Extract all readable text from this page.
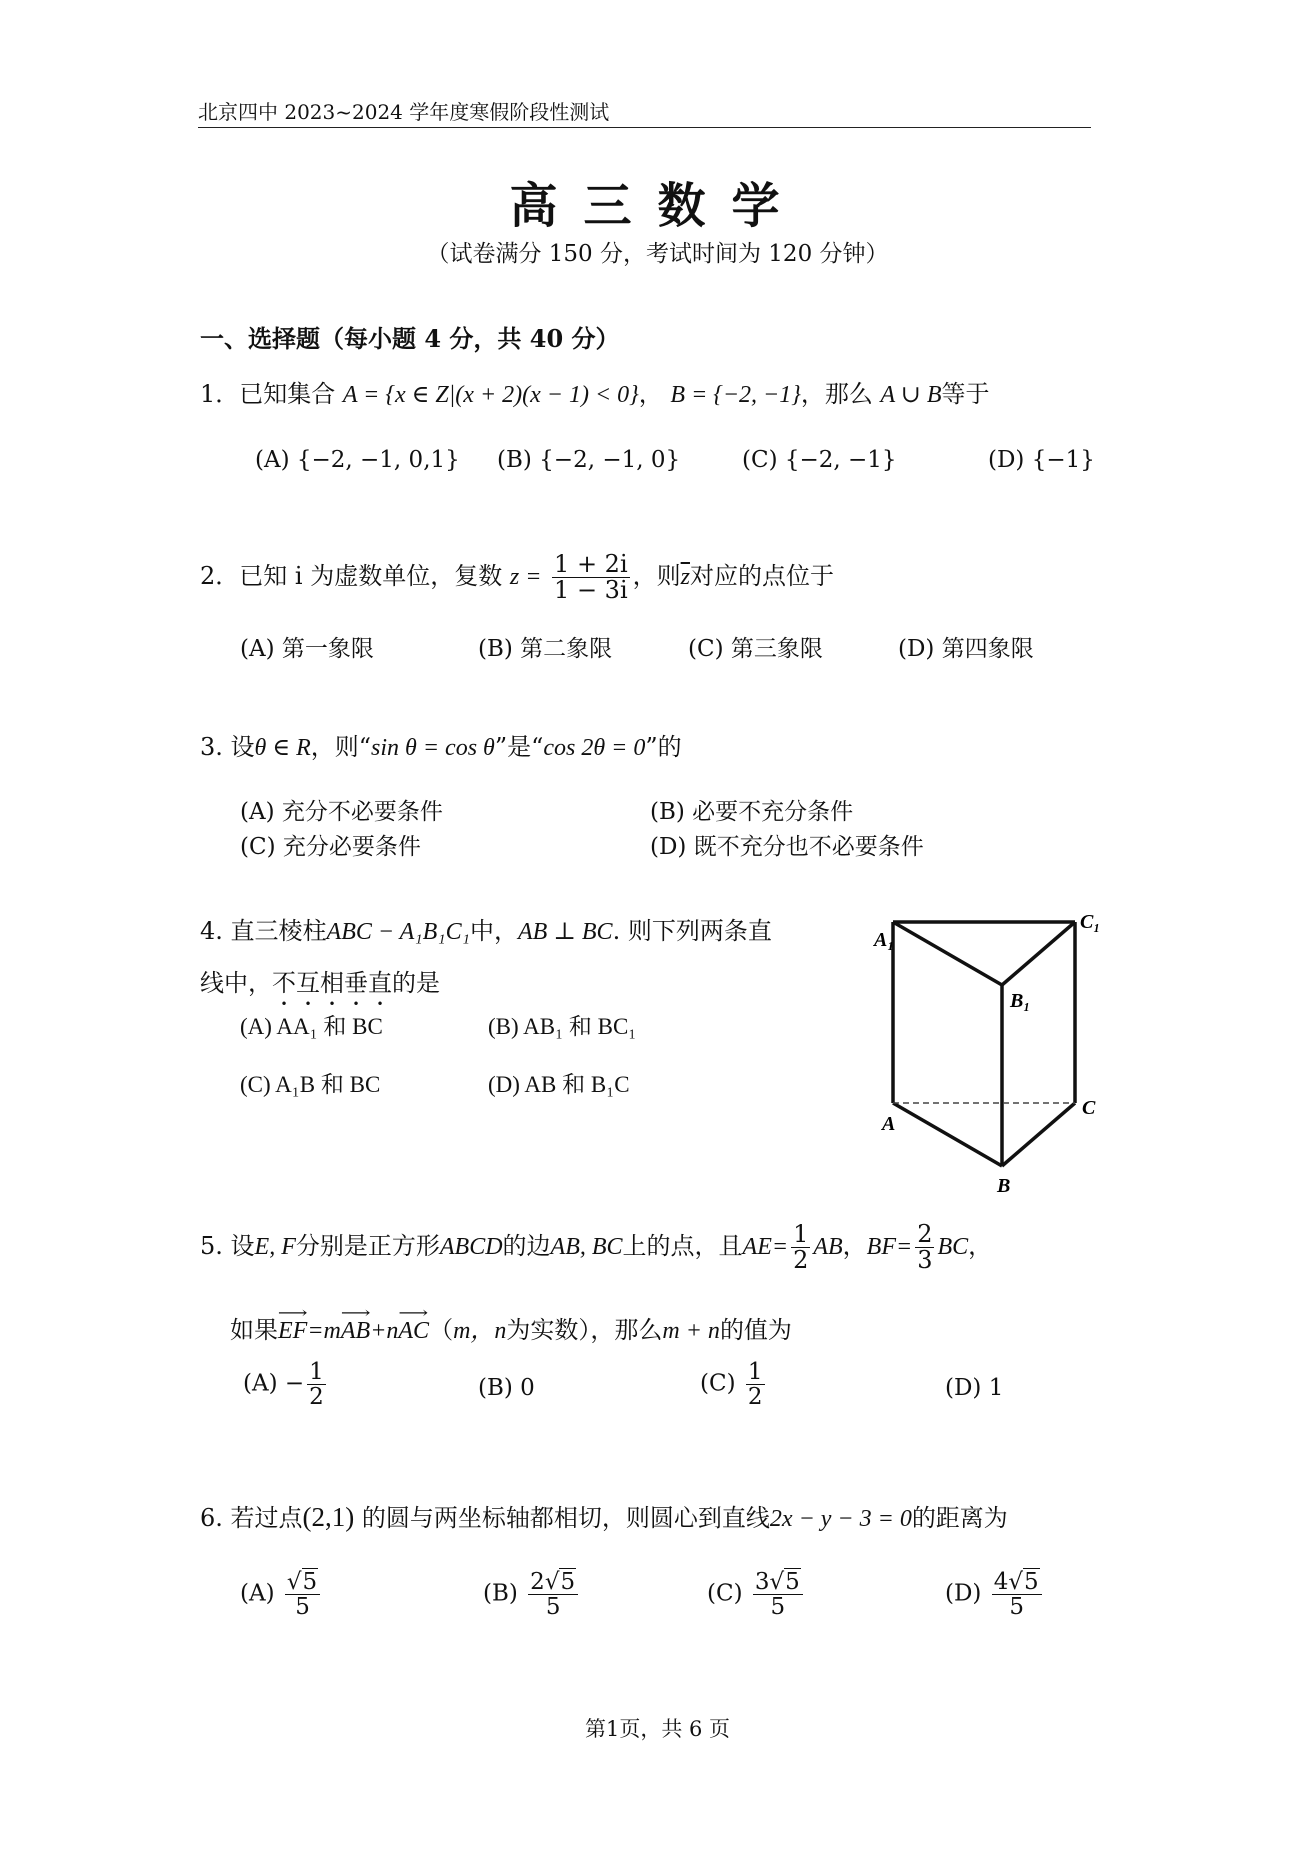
北京四中 2023~2024 学年度寒假阶段性测试
高三数学
（试卷满分 150 分，考试时间为 120 分钟）
一、选择题（每小题 4 分，共 40 分）
1．已知集合 A = {x ∈ Z|(x + 2)(x − 1) < 0}， B = {−2, −1}，那么 A ∪ B等于
(A) {−2, −1, 0,1} (B) {−2, −1, 0}	(C) {−2, −1}	(D) {−1}
2．已知 i 为虚数单位，复数 $z = \frac{1 + 2i}{1 - 3i}$ ，则$\overline{z}$对应的点位于
(A) 第一象限	(B) 第二象限	(C) 第三象限	(D) 第四象限
3. 设θ ∈ R，则“sin θ = cos θ”是“cos 2θ = 0”的
(A) 充分不必要条件	(B) 必要不充分条件
(C) 充分必要条件	(D) 既不充分也不必要条件
4. 直三棱柱ABC − A₁B₁C₁中，AB ⊥ BC. 则下列两条直
线中，不互相垂直的是
(A) AA₁ 和 BC	(B) AB₁ 和 BC₁
(C) A₁B 和 BC	(D) AB 和 B₁C
A₁
C₁
B₁
A
C
B
5. 设E, F分别是正方形ABCD的边AB, BC上的点，且$AE= \frac{1}{2}$ AB，$BF= \frac{2}{3}$ BC，
如果⟶ EF=m⟶ AB+n⟶ AC（m，n为实数），那么m + n的值为
$(A) - \frac{1}{2}$	(B) 0	$(C) \frac{1}{2}$	(D) 1
6. 若过点(2,1) 的圆与两坐标轴都相切，则圆心到直线2x − y − 3 = 0的距离为
$(A) \frac{√5}{5}$	$(B) \frac{2√5}{5}$	$(C) \frac{3√5}{5}$	$(D) \frac{4√5}{5}$
第1页，共 6 页
